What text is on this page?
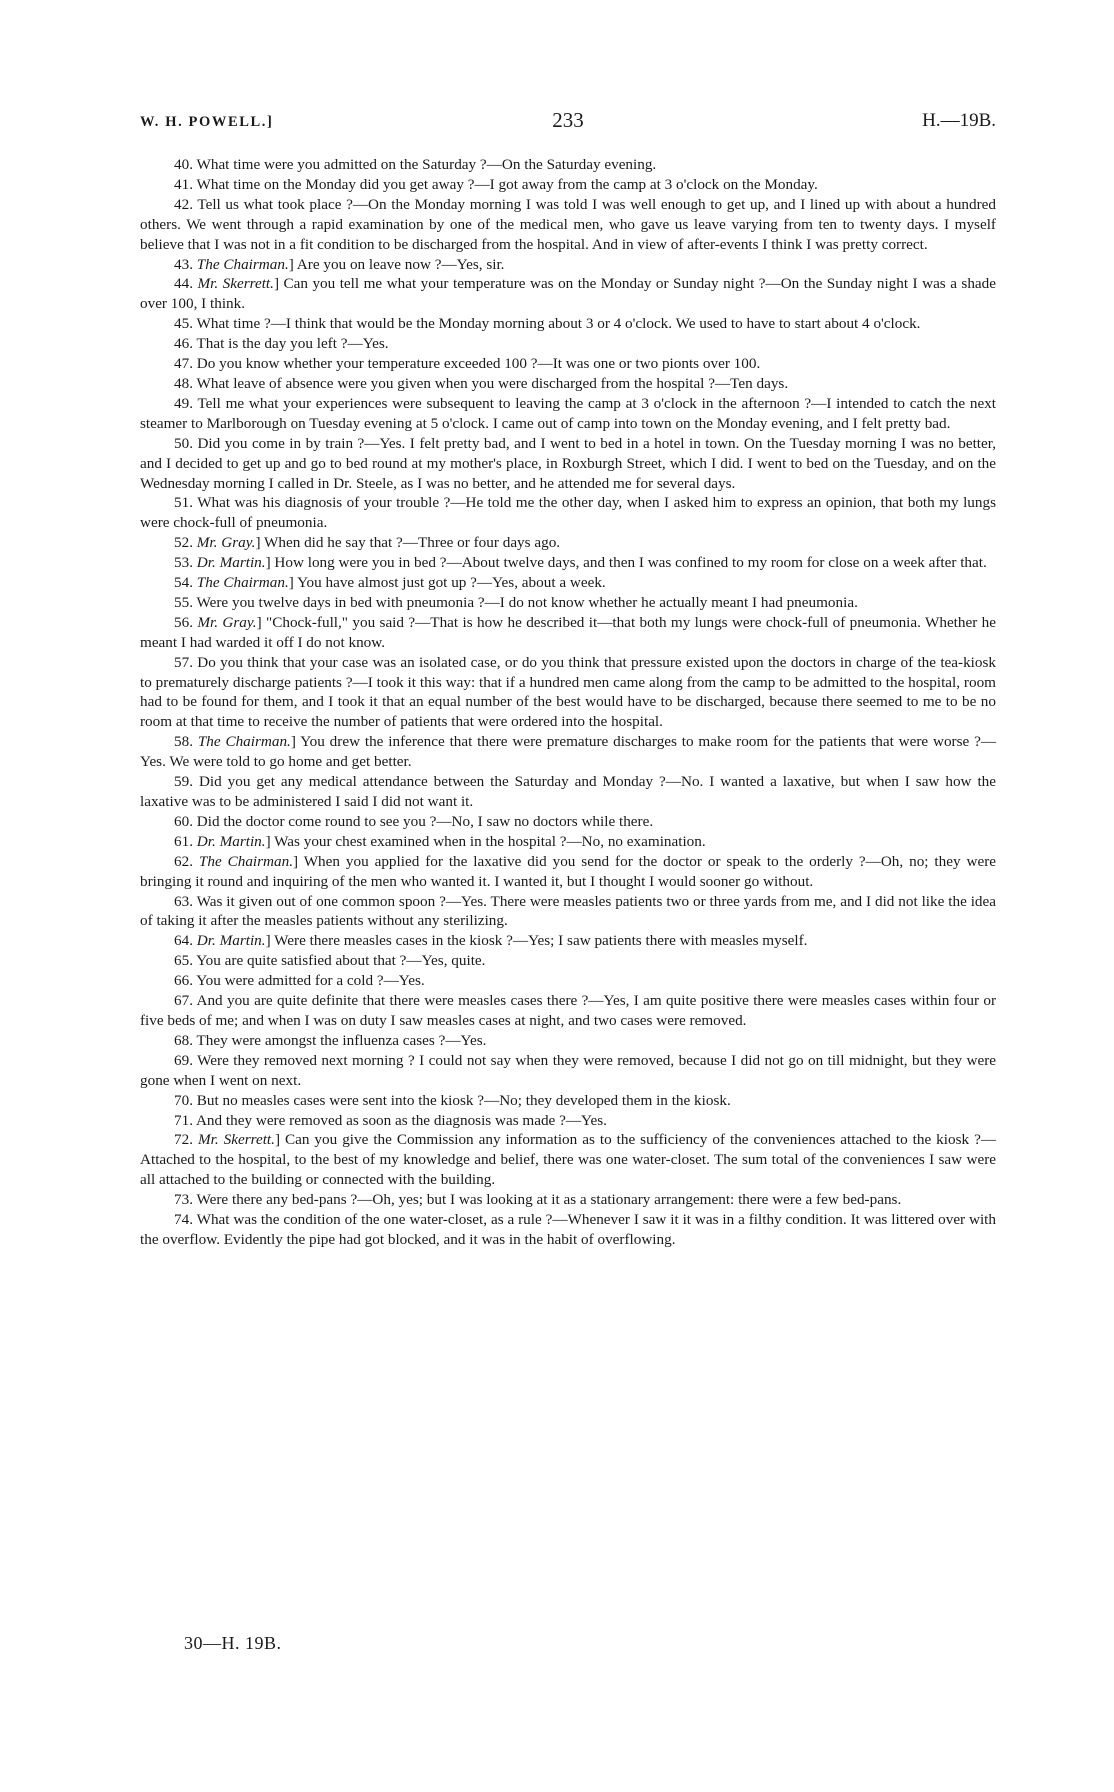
W. H. POWELL.]	233	H.—19B.

40. What time were you admitted on the Saturday ?—On the Saturday evening.

41. What time on the Monday did you get away ?—I got away from the camp at 3 o'clock on the Monday.

42. Tell us what took place ?—On the Monday morning I was told I was well enough to get up, and I lined up with about a hundred others. We went through a rapid examination by one of the medical men, who gave us leave varying from ten to twenty days. I myself believe that I was not in a fit condition to be discharged from the hospital. And in view of after-events I think I was pretty correct.

43. The Chairman.] Are you on leave now ?—Yes, sir.

44. Mr. Skerrett.] Can you tell me what your temperature was on the Monday or Sunday night ?—On the Sunday night I was a shade over 100, I think.

45. What time ?—I think that would be the Monday morning about 3 or 4 o'clock. We used to have to start about 4 o'clock.

46. That is the day you left ?—Yes.

47. Do you know whether your temperature exceeded 100 ?—It was one or two pionts over 100.

48. What leave of absence were you given when you were discharged from the hospital ?—Ten days.

49. Tell me what your experiences were subsequent to leaving the camp at 3 o'clock in the afternoon ?—I intended to catch the next steamer to Marlborough on Tuesday evening at 5 o'clock. I came out of camp into town on the Monday evening, and I felt pretty bad.

50. Did you come in by train ?—Yes. I felt pretty bad, and I went to bed in a hotel in town. On the Tuesday morning I was no better, and I decided to get up and go to bed round at my mother's place, in Roxburgh Street, which I did. I went to bed on the Tuesday, and on the Wednesday morning I called in Dr. Steele, as I was no better, and he attended me for several days.

51. What was his diagnosis of your trouble ?—He told me the other day, when I asked him to express an opinion, that both my lungs were chock-full of pneumonia.

52. Mr. Gray.] When did he say that ?—Three or four days ago.

53. Dr. Martin.] How long were you in bed ?—About twelve days, and then I was confined to my room for close on a week after that.

54. The Chairman.] You have almost just got up ?—Yes, about a week.

55. Were you twelve days in bed with pneumonia ?—I do not know whether he actually meant I had pneumonia.

56. Mr. Gray.] "Chock-full," you said ?—That is how he described it—that both my lungs were chock-full of pneumonia. Whether he meant I had warded it off I do not know.

57. Do you think that your case was an isolated case, or do you think that pressure existed upon the doctors in charge of the tea-kiosk to prematurely discharge patients ?—I took it this way: that if a hundred men came along from the camp to be admitted to the hospital, room had to be found for them, and I took it that an equal number of the best would have to be discharged, because there seemed to me to be no room at that time to receive the number of patients that were ordered into the hospital.

58. The Chairman.] You drew the inference that there were premature discharges to make room for the patients that were worse ?—Yes. We were told to go home and get better.

59. Did you get any medical attendance between the Saturday and Monday ?—No. I wanted a laxative, but when I saw how the laxative was to be administered I said I did not want it.

60. Did the doctor come round to see you ?—No, I saw no doctors while there.

61. Dr. Martin.] Was your chest examined when in the hospital ?—No, no examination.

62. The Chairman.] When you applied for the laxative did you send for the doctor or speak to the orderly ?—Oh, no; they were bringing it round and inquiring of the men who wanted it. I wanted it, but I thought I would sooner go without.

63. Was it given out of one common spoon ?—Yes. There were measles patients two or three yards from me, and I did not like the idea of taking it after the measles patients without any sterilizing.

64. Dr. Martin.] Were there measles cases in the kiosk ?—Yes; I saw patients there with measles myself.

65. You are quite satisfied about that ?—Yes, quite.

66. You were admitted for a cold ?—Yes.

67. And you are quite definite that there were measles cases there ?—Yes, I am quite positive there were measles cases within four or five beds of me; and when I was on duty I saw measles cases at night, and two cases were removed.

68. They were amongst the influenza cases ?—Yes.

69. Were they removed next morning ? I could not say when they were removed, because I did not go on till midnight, but they were gone when I went on next.

70. But no measles cases were sent into the kiosk ?—No; they developed them in the kiosk.

71. And they were removed as soon as the diagnosis was made ?—Yes.

72. Mr. Skerrett.] Can you give the Commission any information as to the sufficiency of the conveniences attached to the kiosk ?—Attached to the hospital, to the best of my knowledge and belief, there was one water-closet. The sum total of the conveniences I saw were all attached to the building or connected with the building.

73. Were there any bed-pans ?—Oh, yes; but I was looking at it as a stationary arrangement: there were a few bed-pans.

74. What was the condition of the one water-closet, as a rule ?—Whenever I saw it it was in a filthy condition. It was littered over with the overflow. Evidently the pipe had got blocked, and it was in the habit of overflowing.

30—H. 19B.
